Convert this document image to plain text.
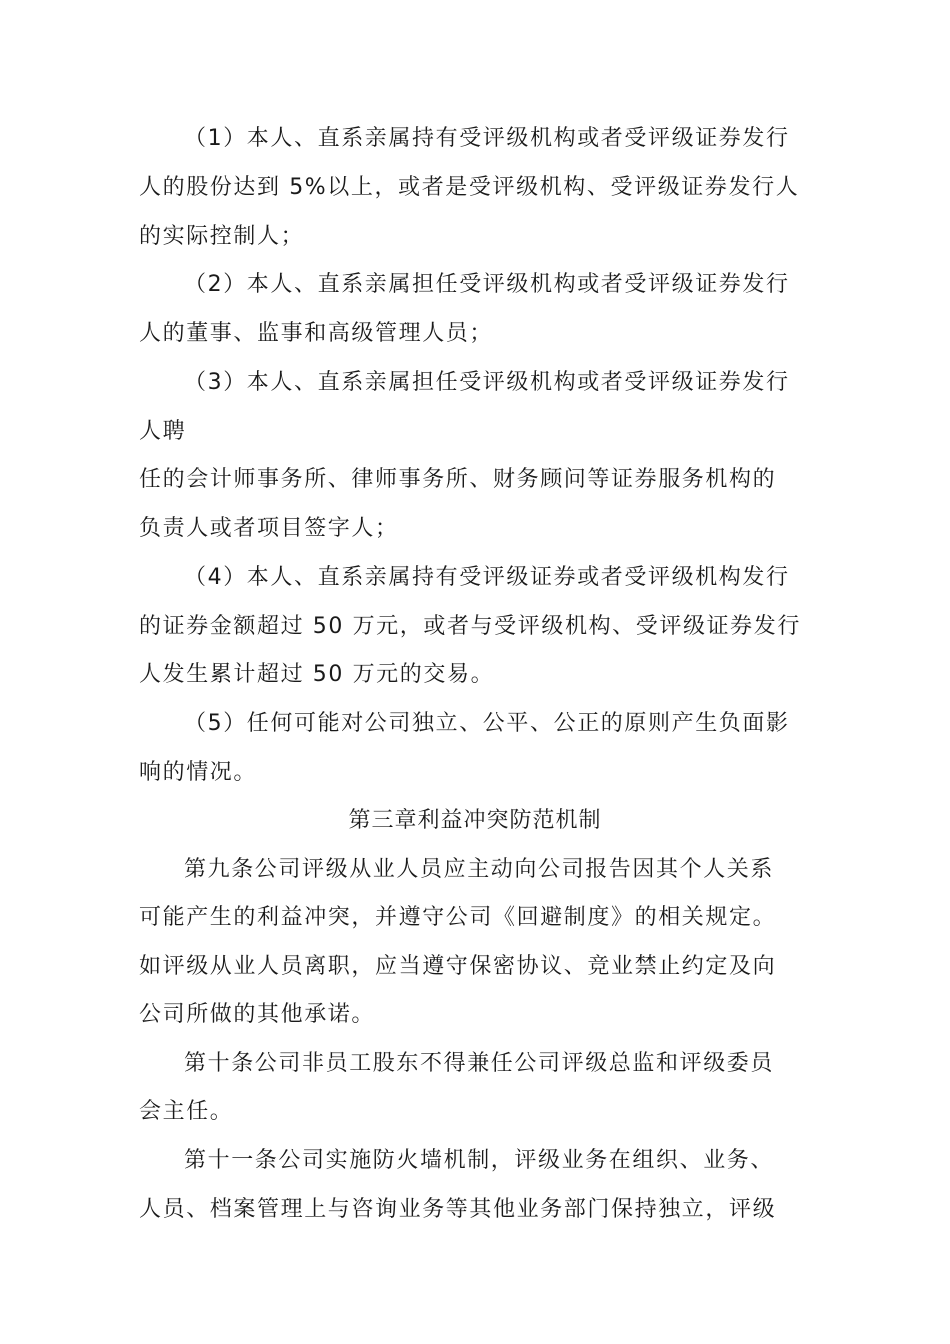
（1）本人、直系亲属持有受评级机构或者受评级证券发行
人的股份达到 5%以上，或者是受评级机构、受评级证券发行人
的实际控制人；
（2）本人、直系亲属担任受评级机构或者受评级证券发行
人的董事、监事和高级管理人员；
（3）本人、直系亲属担任受评级机构或者受评级证券发行
人聘
任的会计师事务所、律师事务所、财务顾问等证券服务机构的
负责人或者项目签字人；
（4）本人、直系亲属持有受评级证券或者受评级机构发行
的证券金额超过 50 万元，或者与受评级机构、受评级证券发行
人发生累计超过 50 万元的交易。
（5）任何可能对公司独立、公平、公正的原则产生负面影
响的情况。
第三章利益冲突防范机制
第九条公司评级从业人员应主动向公司报告因其个人关系
可能产生的利益冲突，并遵守公司《回避制度》的相关规定。
如评级从业人员离职，应当遵守保密协议、竞业禁止约定及向
公司所做的其他承诺。
第十条公司非员工股东不得兼任公司评级总监和评级委员
会主任。
第十一条公司实施防火墙机制，评级业务在组织、业务、
人员、档案管理上与咨询业务等其他业务部门保持独立，评级
